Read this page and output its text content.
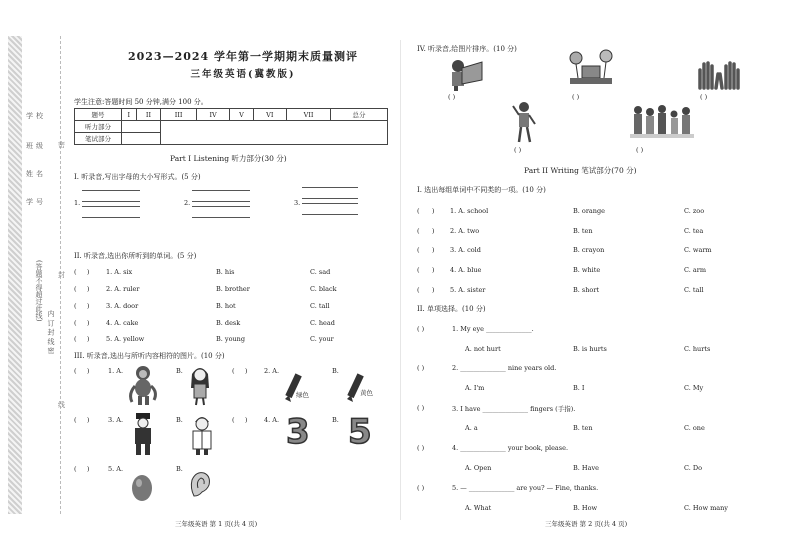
学 校
班 级
姓 名
学 号
(答题不得超过此线)
内 订 封 线 密
封
线
密
2023—2024 学年第一学期期末质量测评
三年级英语(冀教版)
学生注意:答题时间 50 分钟,满分 100 分。
题号	I	II	III	IV	V	VI	VII	总分
听力部分								
笔试部分								
Part I Listening 听力部分(30 分)
I. 听录音,写出字母的大小写形式。(5 分)
1.	2.	3.
II. 听录音,选出你所听到的单词。(5 分)
( )	1. A. six	B. his	C. sad
( )	2. A. ruler	B. brother	C. black
( )	3. A. door	B. hot	C. tall
( )	4. A. cake	B. desk	C. head
( )	5. A. yellow	B. young	C. your
III. 听录音,选出与所听内容相符的图片。(10 分)
(     )	1. A.	B.	(     )	2. A.	B.
绿色	黄色
(     )	3. A.	B.	(     )	4. A.	B.
3 5
(     )	5. A.	B.
三年级英语 第 1 页(共 4 页)
IV. 听录音,给图片排序。(10 分)
( )	( )	( )
( )	( )
Part II Writing 笔试部分(70 分)
I. 选出每组单词中不同类的一项。(10 分)
(      ) 1. A. school	B. orange	C. zoo
(      ) 2. A. two	B. ten	C. tea
(      ) 3. A. cold	B. crayon	C. warm
(      ) 4. A. blue	B. white	C. arm
(      ) 5. A. sister	B. short	C. tall
II. 单项选择。(10 分)
( )	1. My eye ______________.
A. not hurt	B. is hurts	C. hurts
( )	2. ______________ nine years old.
A. I'm	B. I	C. My
( )	3. I have ______________ fingers (手指).
A. a	B. ten	C. one
( )	4. ______________ your book, please.
A. Open	B. Have	C. Do
( )	5. — ______________ are you? — Fine, thanks.
A. What	B. How	C. How many
三年级英语 第 2 页(共 4 页)
